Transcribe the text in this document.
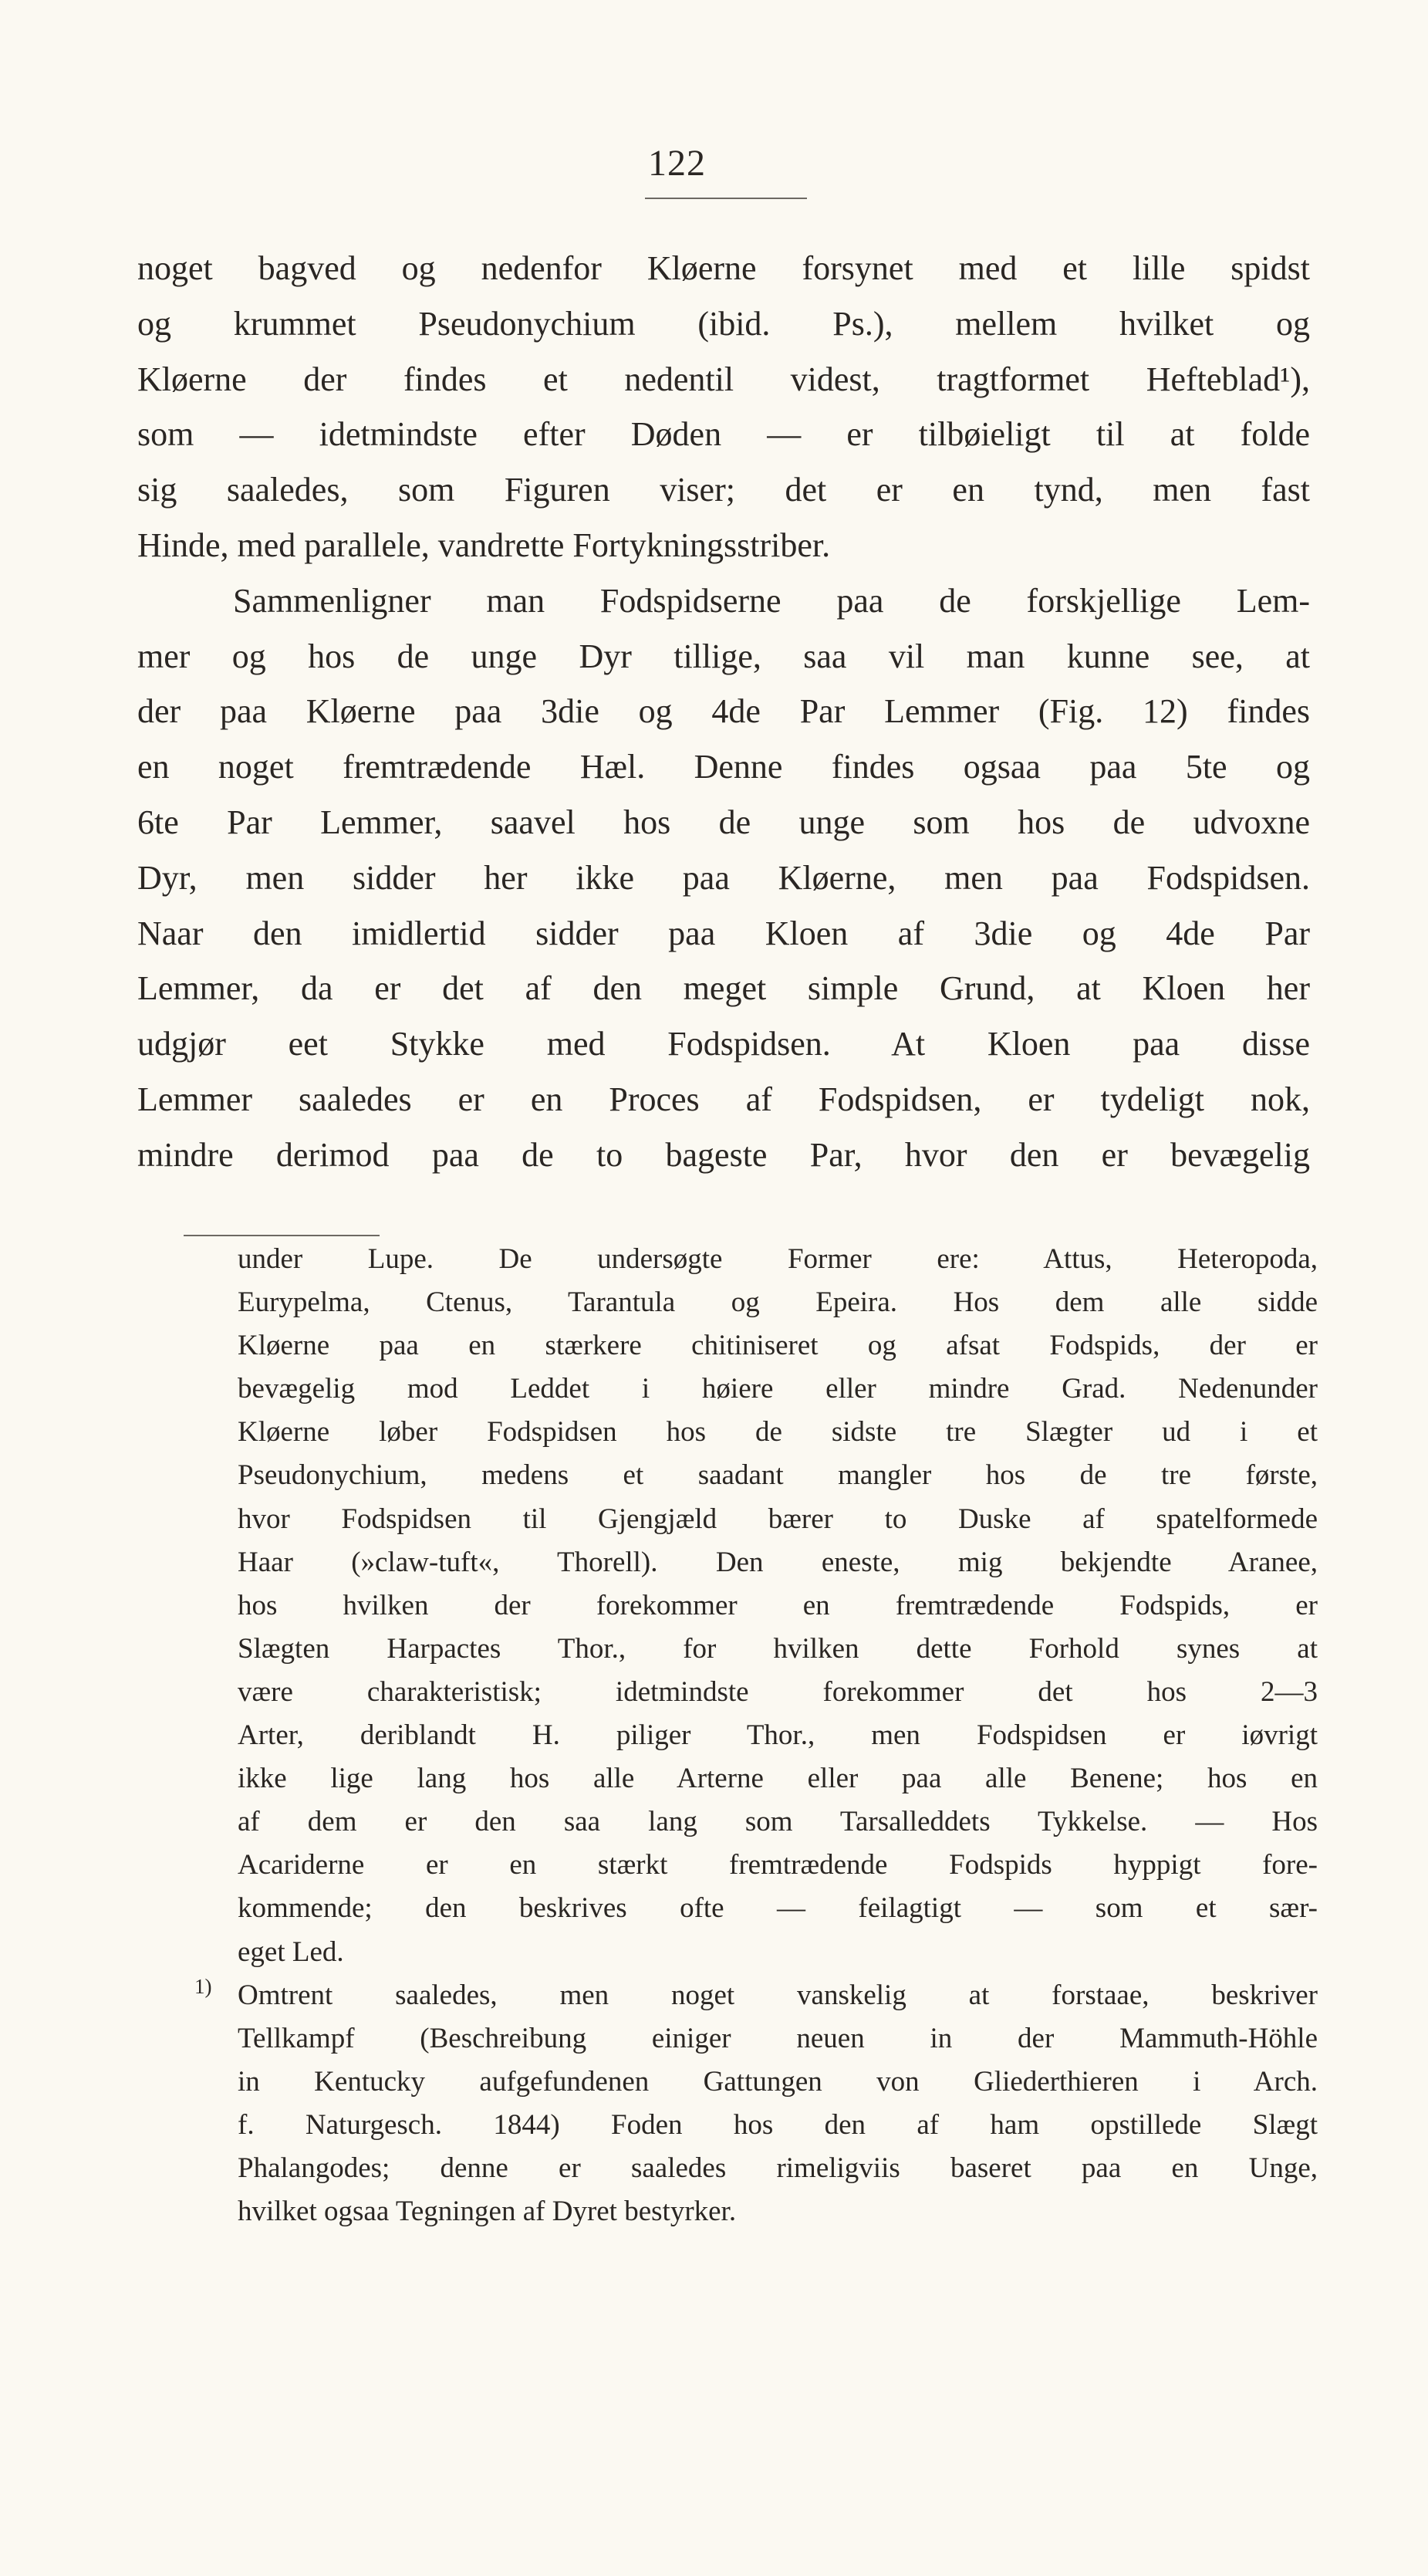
122
noget bagved og nedenfor Kløerne forsynet med et lille spidst
og krummet Pseudonychium (ibid. Ps.), mellem hvilket og
Kløerne der findes et nedentil videst, tragtformet Hefteblad¹),
som — idetmindste efter Døden — er tilbøieligt til at folde
sig saaledes, som Figuren viser; det er en tynd, men fast
Hinde, med parallele, vandrette Fortykningsstriber.
Sammenligner man Fodspidserne paa de forskjellige Lem-
mer og hos de unge Dyr tillige, saa vil man kunne see, at
der paa Kløerne paa 3die og 4de Par Lemmer (Fig. 12) findes
en noget fremtrædende Hæl. Denne findes ogsaa paa 5te og
6te Par Lemmer, saavel hos de unge som hos de udvoxne
Dyr, men sidder her ikke paa Kløerne, men paa Fodspidsen.
Naar den imidlertid sidder paa Kloen af 3die og 4de Par
Lemmer, da er det af den meget simple Grund, at Kloen her
udgjør eet Stykke med Fodspidsen. At Kloen paa disse
Lemmer saaledes er en Proces af Fodspidsen, er tydeligt nok,
mindre derimod paa de to bageste Par, hvor den er bevægelig
under Lupe. De undersøgte Former ere: Attus, Heteropoda,
Eurypelma, Ctenus, Tarantula og Epeira. Hos dem alle sidde
Kløerne paa en stærkere chitiniseret og afsat Fodspids, der er
bevægelig mod Leddet i høiere eller mindre Grad. Nedenunder
Kløerne løber Fodspidsen hos de sidste tre Slægter ud i et
Pseudonychium, medens et saadant mangler hos de tre første,
hvor Fodspidsen til Gjengjæld bærer to Duske af spatelformede
Haar (»claw-tuft«, Thorell). Den eneste, mig bekjendte Aranee,
hos hvilken der forekommer en fremtrædende Fodspids, er
Slægten Harpactes Thor., for hvilken dette Forhold synes at
være charakteristisk; idetmindste forekommer det hos 2—3
Arter, deriblandt H. piliger Thor., men Fodspidsen er iøvrigt
ikke lige lang hos alle Arterne eller paa alle Benene; hos en
af dem er den saa lang som Tarsalleddets Tykkelse. — Hos
Acariderne er en stærkt fremtrædende Fodspids hyppigt fore-
kommende; den beskrives ofte — feilagtigt — som et sær-
eget Led.
1) Omtrent saaledes, men noget vanskelig at forstaae, beskriver
Tellkampf (Beschreibung einiger neuen in der Mammuth-Höhle
in Kentucky aufgefundenen Gattungen von Gliederthieren i Arch.
f. Naturgesch. 1844) Foden hos den af ham opstillede Slægt
Phalangodes; denne er saaledes rimeligviis baseret paa en Unge,
hvilket ogsaa Tegningen af Dyret bestyrker.
